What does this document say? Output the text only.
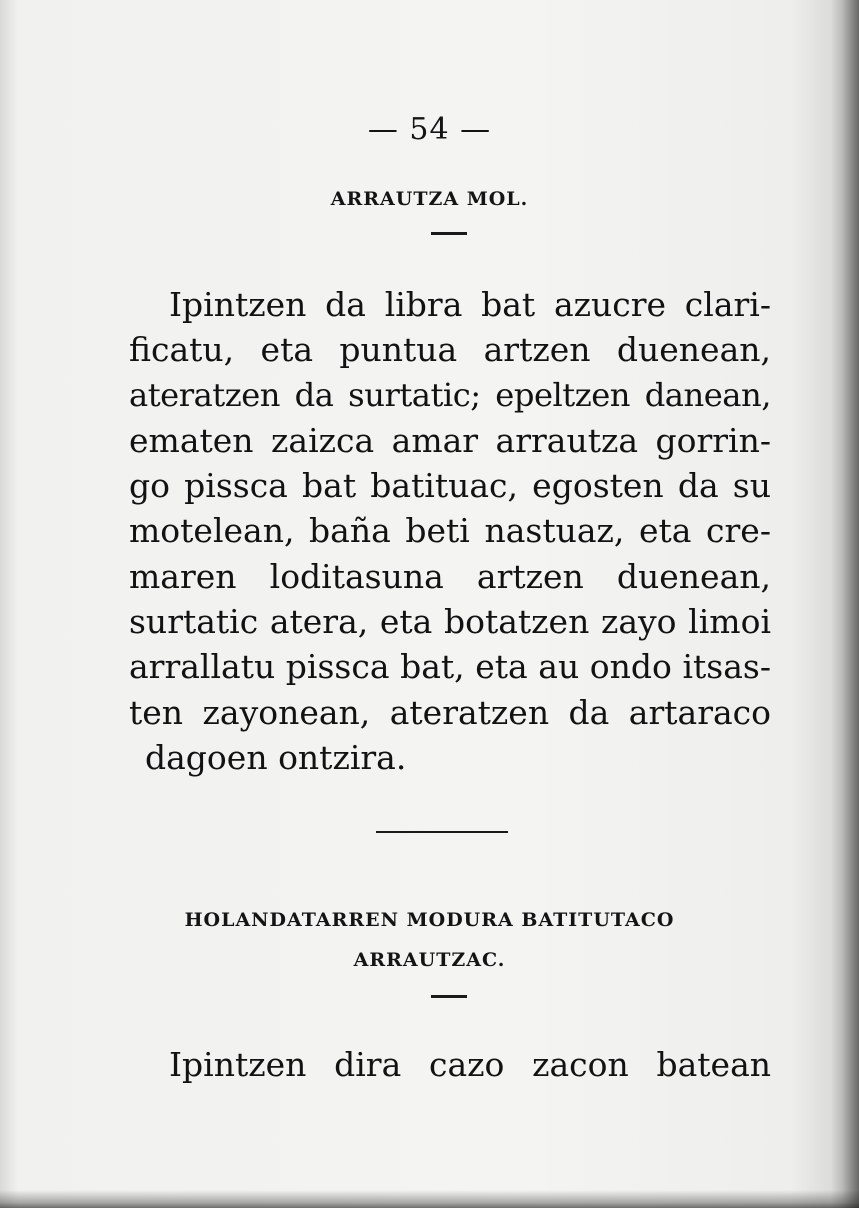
— 54 —
ARRAUTZA MOL.
Ipintzen da libra bat azucre clari-
ficatu, eta puntua artzen duenean,
ateratzen da surtatic; epeltzen danean,
ematen zaizca amar arrautza gorrin-
go pissca bat batituac, egosten da su
motelean, baña beti nastuaz, eta cre-
maren loditasuna artzen duenean,
surtatic atera, eta botatzen zayo limoi
arrallatu pissca bat, eta au ondo itsas-
ten zayonean, ateratzen da artaraco
dagoen ontzira.
HOLANDATARREN MODURA BATITUTACO
ARRAUTZAC.
Ipintzen dira cazo zacon batean
